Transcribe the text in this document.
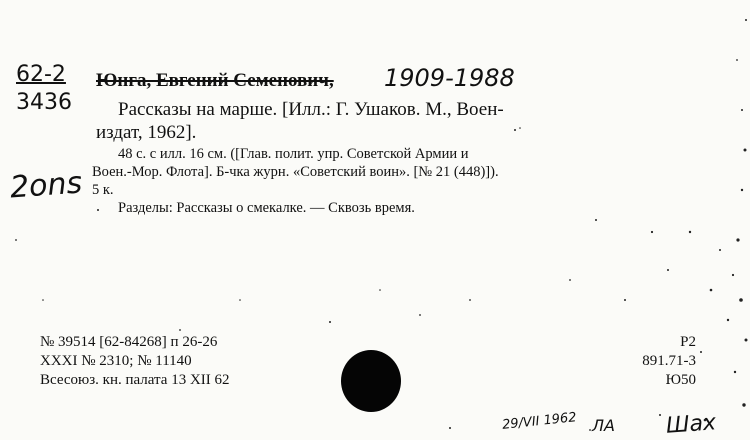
62-2
3436
Юнга, Евгений Семенович, 1909-1988
Рассказы на марше. [Илл.: Г. Ушаков. М., Воен-
издат, 1962].
2ons
48 с. с илл. 16 см. ([Глав. полит. упр. Советской Армии и
Воен.-Мор. Флота]. Б-чка журн. «Советский воин». [№ 21 (448)]).
5 к.
Разделы: Рассказы о смекалке. — Сквозь время.
№ 39514 [62-84268] п 26-26
XXXI № 2310; № 11140
Всесоюз. кн. палата 13 XII 62
Р2
891.71-3
Ю50
29/VII 1962 ЛА Шах
